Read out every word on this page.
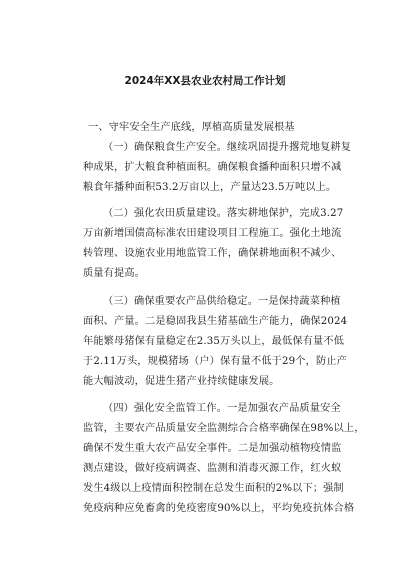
2024年XX县农业农村局工作计划
一、守牢安全生产底线，厚植高质量发展根基
（一）确保粮食生产安全。继续巩固提升撂荒地复耕复
种成果，扩大粮食种植面积。确保粮食播种面积只增不减
粮食年播种面积53.2万亩以上，产量达23.5万吨以上。
（二）强化农田质量建设。落实耕地保护，完成3.27
万亩新增国债高标准农田建设项目工程施工。强化土地流
转管理、设施农业用地监管工作，确保耕地面积不减少、
质量有提高。
（三）确保重要农产品供给稳定。一是保持蔬菜种植
面积、产量。二是稳固我县生猪基础生产能力，确保2024
年能繁母猪保有量稳定在2.35万头以上，最低保有量不低
于2.11万头，规模猪场（户）保有量不低于29个，防止产
能大幅波动，促进生猪产业持续健康发展。
（四）强化安全监管工作。一是加强农产品质量安全
监管，主要农产品质量安全监测综合合格率确保在98%以上，
确保不发生重大农产品安全事件。二是加强动植物疫情监
测点建设，做好疫病调查、监测和消毒灭源工作，红火蚁
发生4级以上疫情面积控制在总发生面积的2%以下；强制
免疫病种应免畜禽的免疫密度90%以上，平均免疫抗体合格
